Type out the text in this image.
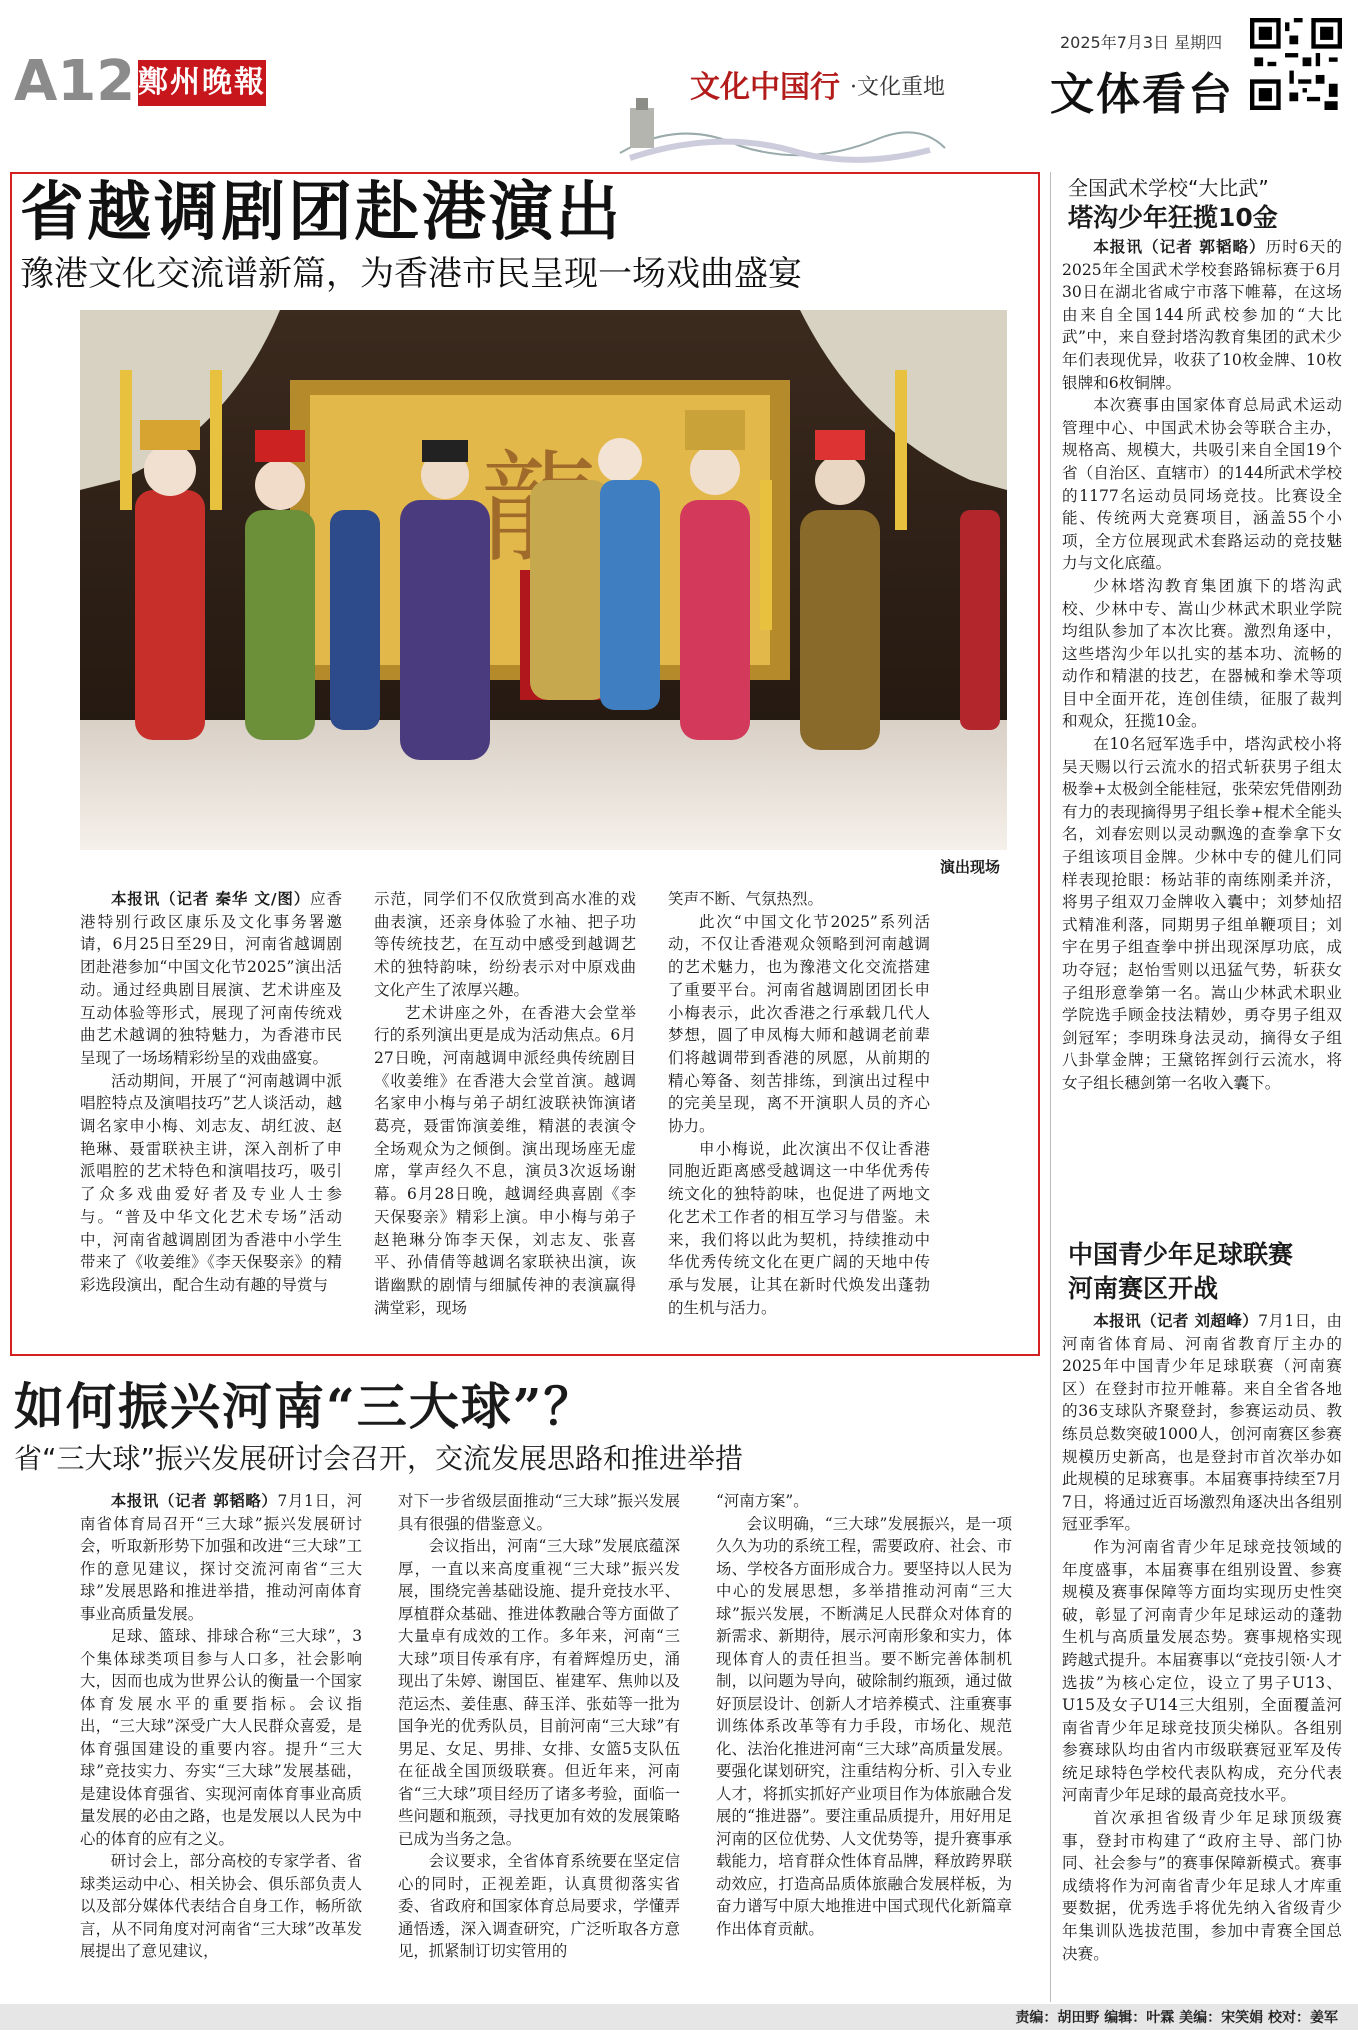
A12 鄭州晚報	文化中国行 ·文化重地
2025年7月3日 星期四
文体看台
省越调剧团赴港演出
豫港文化交流谱新篇，为香港市民呈现一场戏曲盛宴
演出现场

本报讯（记者 秦华 文/图）应香港特别行政区康乐及文化事务署邀请，6月25日至29日，河南省越调剧团赴港参加“中国文化节2025”演出活动。通过经典剧目展演、艺术讲座及互动体验等形式，展现了河南传统戏曲艺术越调的独特魅力，为香港市民呈现了一场场精彩纷呈的戏曲盛宴。

活动期间，开展了“河南越调中派唱腔特点及演唱技巧”艺人谈活动，越调名家申小梅、刘志友、胡红波、赵艳琳、聂雷联袂主讲，深入剖析了申派唱腔的艺术特色和演唱技巧，吸引了众多戏曲爱好者及专业人士参与。“普及中华文化艺术专场”活动中，河南省越调剧团为香港中小学生带来了《收姜维》《李天保娶亲》的精彩选段演出，配合生动有趣的导赏与

示范，同学们不仅欣赏到高水准的戏曲表演，还亲身体验了水袖、把子功等传统技艺，在互动中感受到越调艺术的独特韵味，纷纷表示对中原戏曲文化产生了浓厚兴趣。

艺术讲座之外，在香港大会堂举行的系列演出更是成为活动焦点。6月27日晚，河南越调申派经典传统剧目《收姜维》在香港大会堂首演。越调名家申小梅与弟子胡红波联袂饰演诸葛亮，聂雷饰演姜维，精湛的表演令全场观众为之倾倒。演出现场座无虚席，掌声经久不息，演员3次返场谢幕。6月28日晚，越调经典喜剧《李天保娶亲》精彩上演。申小梅与弟子赵艳琳分饰李天保，刘志友、张喜平、孙倩倩等越调名家联袂出演，诙谐幽默的剧情与细腻传神的表演赢得满堂彩，现场

笑声不断、气氛热烈。

此次“中国文化节2025”系列活动，不仅让香港观众领略到河南越调的艺术魅力，也为豫港文化交流搭建了重要平台。河南省越调剧团团长申小梅表示，此次香港之行承载几代人梦想，圆了申凤梅大师和越调老前辈们将越调带到香港的夙愿，从前期的精心筹备、刻苦排练，到演出过程中的完美呈现，离不开演职人员的齐心协力。

申小梅说，此次演出不仅让香港同胞近距离感受越调这一中华优秀传统文化的独特韵味，也促进了两地文化艺术工作者的相互学习与借鉴。未来，我们将以此为契机，持续推动中华优秀传统文化在更广阔的天地中传承与发展，让其在新时代焕发出蓬勃的生机与活力。

全国武术学校“大比武”
塔沟少年狂揽10金

本报讯（记者 郭韬略）历时6天的2025年全国武术学校套路锦标赛于6月30日在湖北省咸宁市落下帷幕，在这场由来自全国144所武校参加的“大比武”中，来自登封塔沟教育集团的武术少年们表现优异，收获了10枚金牌、10枚银牌和6枚铜牌。

本次赛事由国家体育总局武术运动管理中心、中国武术协会等联合主办，规格高、规模大，共吸引来自全国19个省（自治区、直辖市）的144所武术学校的1177名运动员同场竞技。比赛设全能、传统两大竞赛项目，涵盖55个小项，全方位展现武术套路运动的竞技魅力与文化底蕴。

少林塔沟教育集团旗下的塔沟武校、少林中专、嵩山少林武术职业学院均组队参加了本次比赛。激烈角逐中，这些塔沟少年以扎实的基本功、流畅的动作和精湛的技艺，在器械和拳术等项目中全面开花，连创佳绩，征服了裁判和观众，狂揽10金。

在10名冠军选手中，塔沟武校小将吴天赐以行云流水的招式斩获男子组太极拳+太极剑全能桂冠，张荣宏凭借刚劲有力的表现摘得男子组长拳+棍术全能头名，刘春宏则以灵动飘逸的查拳拿下女子组该项目金牌。少林中专的健儿们同样表现抢眼：杨站菲的南练刚柔并济，将男子组双刀金牌收入囊中；刘梦灿招式精准利落，同期男子组单鞭项目；刘宇在男子组查拳中拼出现深厚功底，成功夺冠；赵怡雪则以迅猛气势，斩获女子组形意拳第一名。嵩山少林武术职业学院选手顾金技法精妙，勇夺男子组双剑冠军；李明珠身法灵动，摘得女子组八卦掌金牌；王黛铭挥剑行云流水，将女子组长穗剑第一名收入囊下。

中国青少年足球联赛
河南赛区开战

本报讯（记者 刘超峰）7月1日，由河南省体育局、河南省教育厅主办的2025年中国青少年足球联赛（河南赛区）在登封市拉开帷幕。来自全省各地的36支球队齐聚登封，参赛运动员、教练员总数突破1000人，创河南赛区参赛规模历史新高，也是登封市首次举办如此规模的足球赛事。本届赛事持续至7月7日，将通过近百场激烈角逐决出各组别冠亚季军。

作为河南省青少年足球竞技领域的年度盛事，本届赛事在组别设置、参赛规模及赛事保障等方面均实现历史性突破，彰显了河南青少年足球运动的蓬勃生机与高质量发展态势。赛事规格实现跨越式提升。本届赛事以“竞技引领·人才选拔”为核心定位，设立了男子U13、U15及女子U14三大组别，全面覆盖河南省青少年足球竞技顶尖梯队。各组别参赛球队均由省内市级联赛冠亚军及传统足球特色学校代表队构成，充分代表河南青少年足球的最高竞技水平。

首次承担省级青少年足球顶级赛事，登封市构建了“政府主导、部门协同、社会参与”的赛事保障新模式。赛事成绩将作为河南省青少年足球人才库重要数据，优秀选手将优先纳入省级青少年集训队选拔范围，参加中青赛全国总决赛。

如何振兴河南“三大球”？
省“三大球”振兴发展研讨会召开，交流发展思路和推进举措

本报讯（记者 郭韬略）7月1日，河南省体育局召开“三大球”振兴发展研讨会，听取新形势下加强和改进“三大球”工作的意见建议，探讨交流河南省“三大球”发展思路和推进举措，推动河南体育事业高质量发展。

足球、篮球、排球合称“三大球”，3个集体球类项目参与人口多，社会影响大，因而也成为世界公认的衡量一个国家体育发展水平的重要指标。会议指出，“三大球”深受广大人民群众喜爱，是体育强国建设的重要内容。提升“三大球”竞技实力、夯实“三大球”发展基础，是建设体育强省、实现河南体育事业高质量发展的必由之路，也是发展以人民为中心的体育的应有之义。

研讨会上，部分高校的专家学者、省球类运动中心、相关协会、俱乐部负责人以及部分媒体代表结合自身工作，畅所欲言，从不同角度对河南省“三大球”改革发展提出了意见建议，

对下一步省级层面推动“三大球”振兴发展具有很强的借鉴意义。

会议指出，河南“三大球”发展底蕴深厚，一直以来高度重视“三大球”振兴发展，围绕完善基础设施、提升竞技水平、厚植群众基础、推进体教融合等方面做了大量卓有成效的工作。多年来，河南“三大球”项目传承有序，有着辉煌历史，涌现出了朱婷、谢国臣、崔建军、焦帅以及范运杰、姜佳惠、薛玉洋、张茹等一批为国争光的优秀队员，目前河南“三大球”有男足、女足、男排、女排、女篮5支队伍在征战全国顶级联赛。但近年来，河南省“三大球”项目经历了诸多考验，面临一些问题和瓶颈，寻找更加有效的发展策略已成为当务之急。

会议要求，全省体育系统要在坚定信心的同时，正视差距，认真贯彻落实省委、省政府和国家体育总局要求，学懂弄通悟透，深入调查研究，广泛听取各方意见，抓紧制订切实管用的

“河南方案”。

会议明确，“三大球”发展振兴，是一项久久为功的系统工程，需要政府、社会、市场、学校各方面形成合力。要坚持以人民为中心的发展思想，多举措推动河南“三大球”振兴发展，不断满足人民群众对体育的新需求、新期待，展示河南形象和实力，体现体育人的责任担当。要不断完善体制机制，以问题为导向，破除制约瓶颈，通过做好顶层设计、创新人才培养模式、注重赛事训练体系改革等有力手段，市场化、规范化、法治化推进河南“三大球”高质量发展。要强化谋划研究，注重结构分析、引入专业人才，将抓实抓好产业项目作为体旅融合发展的“推进器”。要注重品质提升，用好用足河南的区位优势、人文优势等，提升赛事承载能力，培育群众性体育品牌，释放跨界联动效应，打造高品质体旅融合发展样板，为奋力谱写中原大地推进中国式现代化新篇章作出体育贡献。

责编：胡田野 编辑：叶霖 美编：宋笑娟 校对：姜军
